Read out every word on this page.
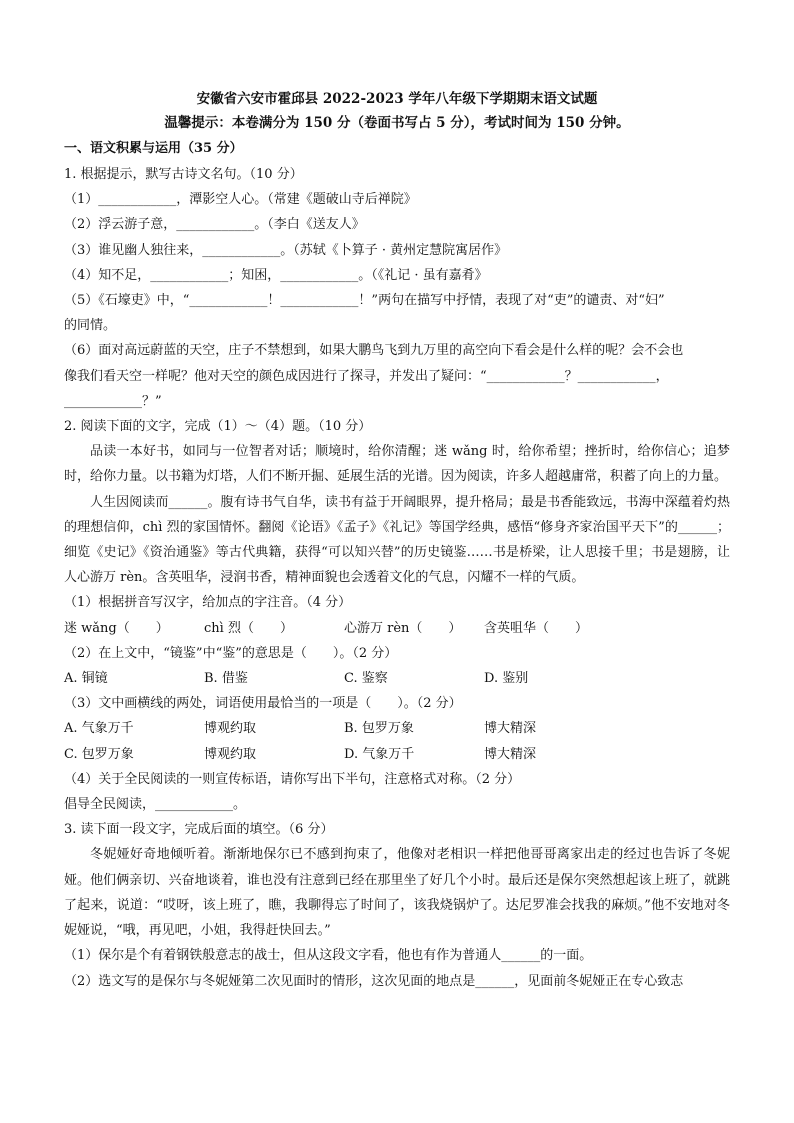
安徽省六安市霍邱县 2022-2023 学年八年级下学期期末语文试题
温馨提示：本卷满分为 150 分（卷面书写占 5 分），考试时间为 150 分钟。
一、语文积累与运用（35 分）
1. 根据提示，默写古诗文名句。（10 分）
（1）____________，潭影空人心。（常建《题破山寺后禅院》
（2）浮云游子意，____________。（李白《送友人》
（3）谁见幽人独往来，____________。（苏轼《卜算子 · 黄州定慧院寓居作》
（4）知不足，____________；知困，____________。（《礼记 · 虽有嘉肴》
（5）《石壕吏》中，“____________！____________！”两句在描写中抒情，表现了对“吏”的谴责、对“妇”
的同情。
（6）面对高远蔚蓝的天空，庄子不禁想到，如果大鹏鸟飞到九万里的高空向下看会是什么样的呢？会不会也
像我们看天空一样呢？他对天空的颜色成因进行了探寻，并发出了疑问：“____________？____________，
____________？”
2. 阅读下面的文字，完成（1）～（4）题。（10 分）
品读一本好书，如同与一位智者对话；顺境时，给你清醒；迷 wǎng 时，给你希望；挫折时，给你信心；追梦时，给你力量。以书籍为灯塔，人们不断开掘、延展生活的光谱。因为阅读，许多人超越庸常，积蓄了向上的力量。
人生因阅读而______。腹有诗书气自华，读书有益于开阔眼界，提升格局；最是书香能致远，书海中深蕴着灼热的理想信仰，chì 烈的家国情怀。翻阅《论语》《孟子》《礼记》等国学经典，感悟“修身齐家治国平天下”的______；细览《史记》《资治通鉴》等古代典籍，获得“可以知兴替”的历史镜鉴……书是桥梁，让人思接千里；书是翅膀，让人心游万 rèn。含英咀华，浸润书香，精神面貌也会透着文化的气息，闪耀不一样的气质。
（1）根据拼音写汉字，给加点的字注音。（4 分）
迷 wǎng（　　）	chì 烈（　　）	心游万 rèn（　　）	含英咀华（　　）
（2）在上文中，“镜鉴”中“鉴”的意思是（　　）。（2 分）
A. 铜镜	B. 借鉴	C. 鉴察	D. 鉴别
（3）文中画横线的两处，词语使用最恰当的一项是（　　）。（2 分）
A. 气象万千	博观约取	B. 包罗万象	博大精深
C. 包罗万象	博观约取	D. 气象万千	博大精深
（4）关于全民阅读的一则宣传标语，请你写出下半句，注意格式对称。（2 分）
倡导全民阅读，____________。
3. 读下面一段文字，完成后面的填空。（6 分）
冬妮娅好奇地倾听着。渐渐地保尔已不感到拘束了，他像对老相识一样把他哥哥离家出走的经过也告诉了冬妮娅。他们俩亲切、兴奋地谈着，谁也没有注意到已经在那里坐了好几个小时。最后还是保尔突然想起该上班了，就跳了起来，说道：“哎呀，该上班了，瞧，我聊得忘了时间了，该我烧锅炉了。达尼罗准会找我的麻烦。”他不安地对冬妮娅说，“哦，再见吧，小姐，我得赶快回去。”
（1）保尔是个有着钢铁般意志的战士，但从这段文字看，他也有作为普通人______的一面。
（2）选文写的是保尔与冬妮娅第二次见面时的情形，这次见面的地点是______，见面前冬妮娅正在专心致志
